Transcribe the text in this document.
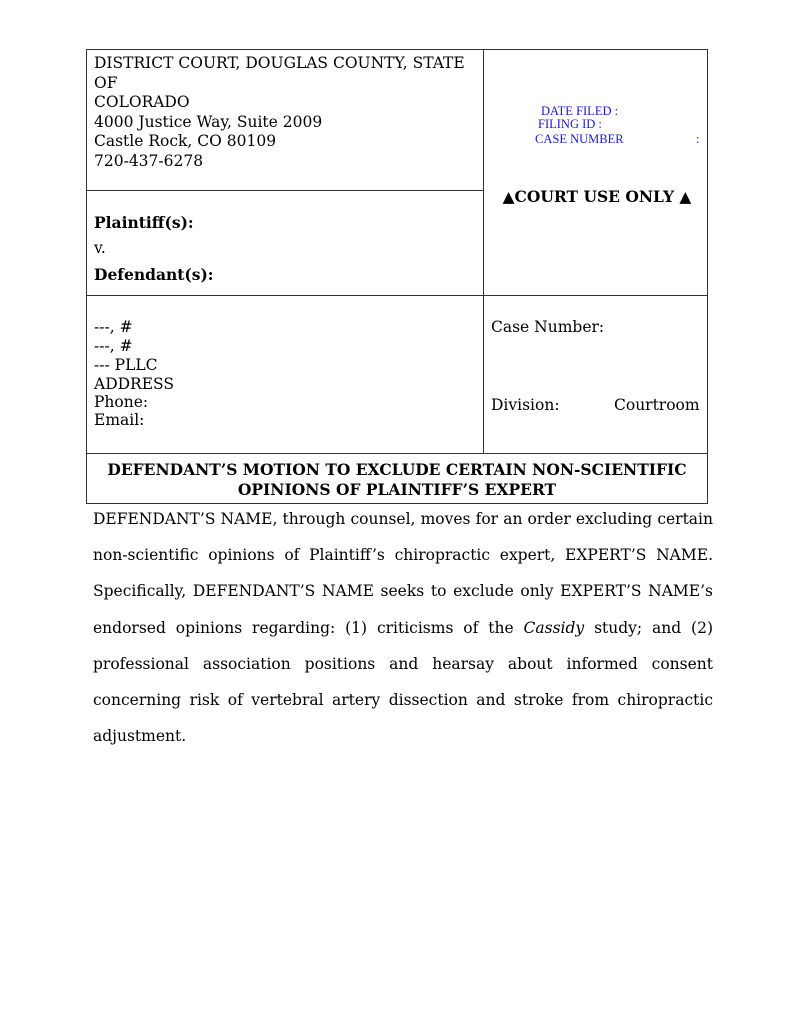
DISTRICT COURT, DOUGLAS COUNTY, STATE
OF
COLORADO
4000 Justice Way, Suite 2009
Castle Rock, CO 80109
720-437-6278
DATE FILED :
FILING ID :
CASE NUMBER	:
▲COURT USE ONLY ▲
Plaintiff(s):
v.
Defendant(s):
---, #
---, #
--- PLLC
ADDRESS
Phone:
Email:
Case Number:
Division:	Courtroom
DEFENDANT’S MOTION TO EXCLUDE CERTAIN NON-SCIENTIFIC
OPINIONS OF PLAINTIFF’S EXPERT
DEFENDANT’S NAME, through counsel, moves for an order excluding certain non-scientific opinions of Plaintiff’s chiropractic expert, EXPERT’S NAME. Specifically, DEFENDANT’S NAME seeks to exclude only EXPERT’S NAME’s endorsed opinions regarding: (1) criticisms of the Cassidy study; and (2) professional association positions and hearsay about informed consent concerning risk of vertebral artery dissection and stroke from chiropractic adjustment.
